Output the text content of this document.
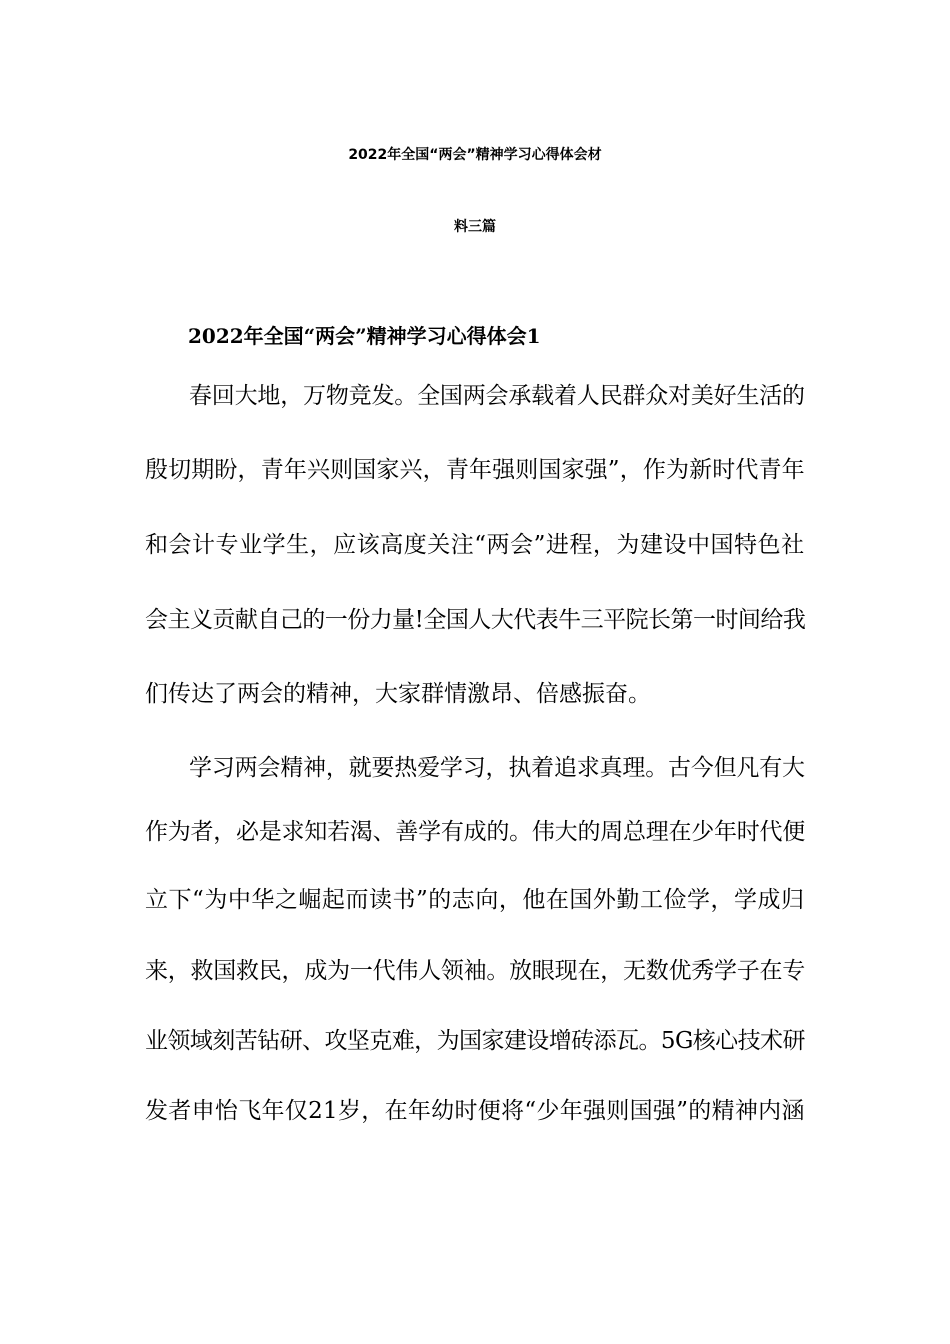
2022年全国“两会”精神学习心得体会材
料三篇
2022年全国“两会”精神学习心得体会1
春回大地，万物竞发。全国两会承载着人民群众对美好生活的
殷切期盼，青年兴则国家兴，青年强则国家强”，作为新时代青年
和会计专业学生，应该高度关注“两会”进程，为建设中国特色社
会主义贡献自己的一份力量!全国人大代表牛三平院长第一时间给我
们传达了两会的精神，大家群情激昂、倍感振奋。
学习两会精神，就要热爱学习，执着追求真理。古今但凡有大
作为者，必是求知若渴、善学有成的。伟大的周总理在少年时代便
立下“为中华之崛起而读书”的志向，他在国外勤工俭学，学成归
来，救国救民，成为一代伟人领袖。放眼现在，无数优秀学子在专
业领域刻苦钻研、攻坚克难，为国家建设增砖添瓦。5G核心技术研
发者申怡飞年仅21岁，在年幼时便将“少年强则国强”的精神内涵
